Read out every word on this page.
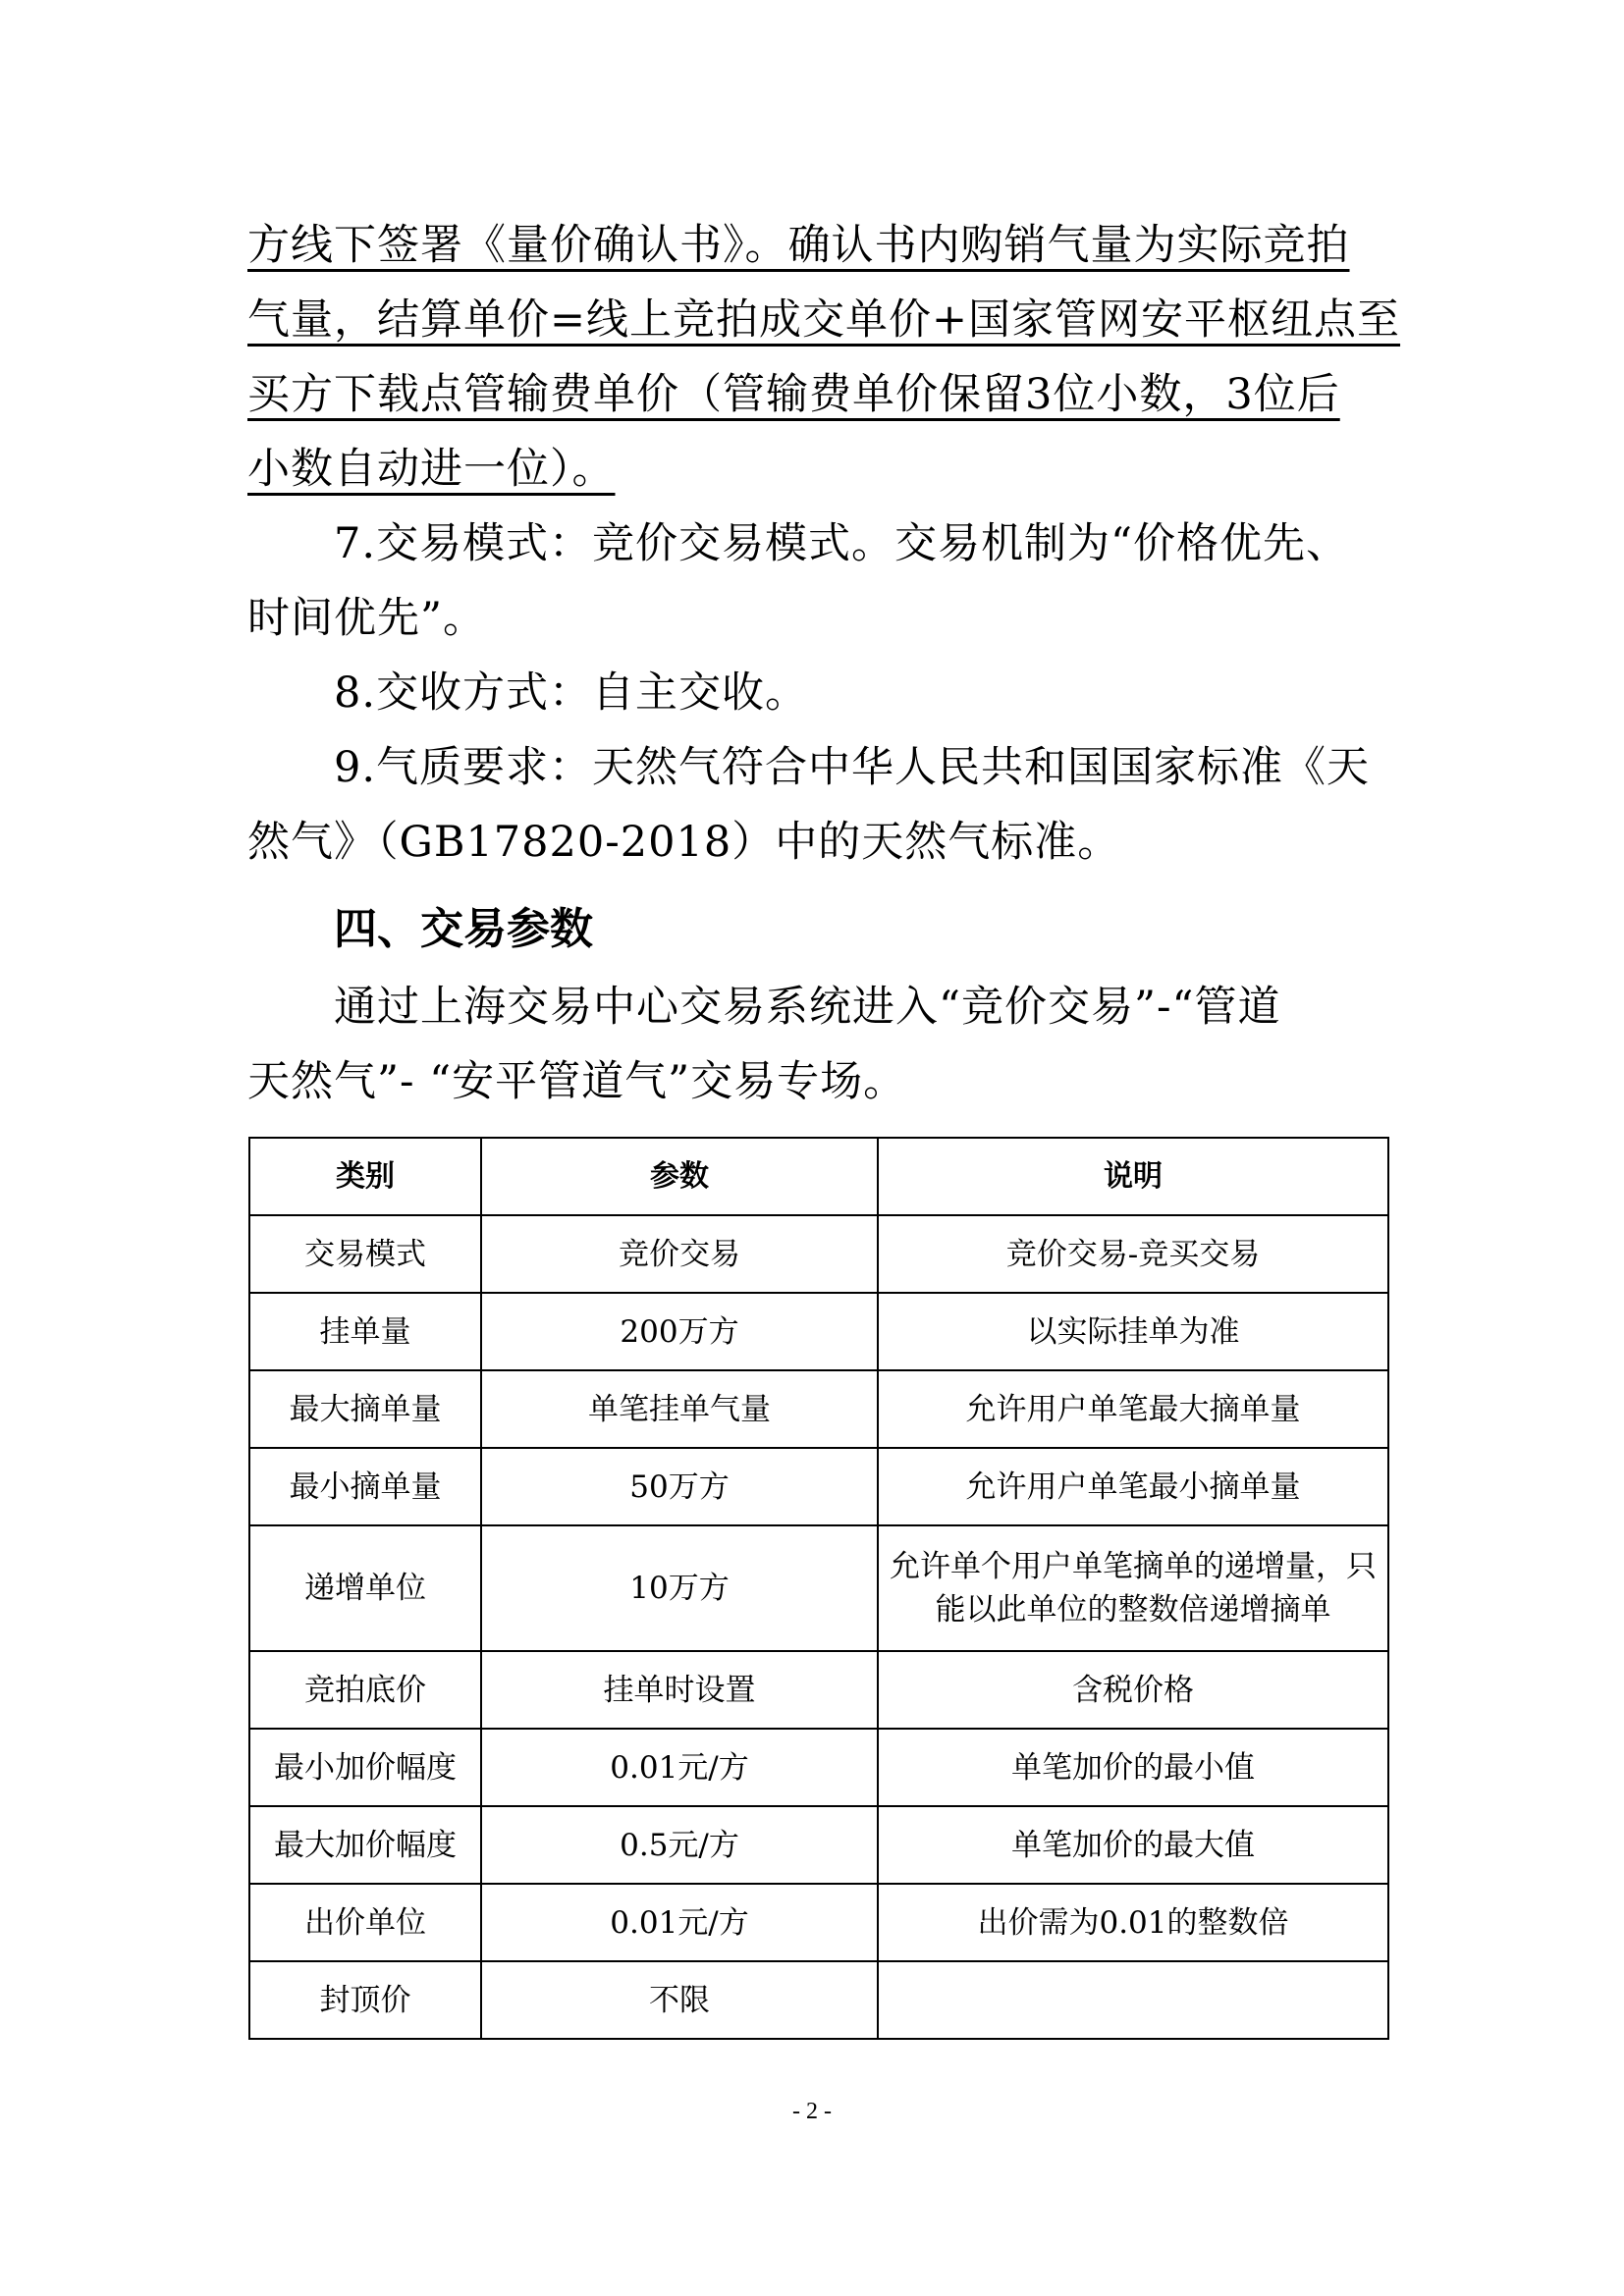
方线下签署《量价确认书》。确认书内购销气量为实际竞拍
气量，结算单价=线上竞拍成交单价+国家管网安平枢纽点至
买方下载点管输费单价（管输费单价保留3位小数，3位后
小数自动进一位）。
7.交易模式：竞价交易模式。交易机制为“价格优先、
时间优先”。
8.交收方式：自主交收。
9.气质要求：天然气符合中华人民共和国国家标准《天
然气》（GB17820-2018）中的天然气标准。
四、交易参数
通过上海交易中心交易系统进入“竞价交易”-“管道
天然气”- “安平管道气”交易专场。
类别	参数	说明
交易模式	竞价交易	竞价交易-竞买交易
挂单量	200万方	以实际挂单为准
最大摘单量	单笔挂单气量	允许用户单笔最大摘单量
最小摘单量	50万方	允许用户单笔最小摘单量
递增单位	10万方	允许单个用户单笔摘单的递增量，只能以此单位的整数倍递增摘单
竞拍底价	挂单时设置	含税价格
最小加价幅度	0.01元/方	单笔加价的最小值
最大加价幅度	0.5元/方	单笔加价的最大值
出价单位	0.01元/方	出价需为0.01的整数倍
封顶价	不限	
- 2 -
